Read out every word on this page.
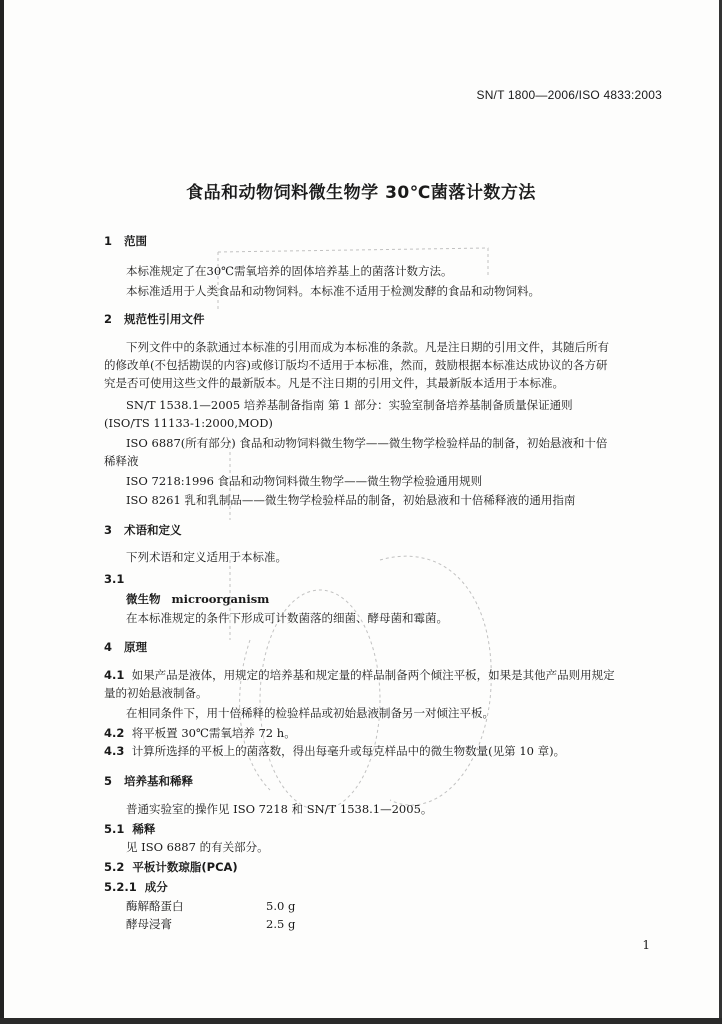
SN/T 1800—2006/ISO 4833:2003
食品和动物饲料微生物学 30℃菌落计数方法
1 范围
本标准规定了在30℃需氧培养的固体培养基上的菌落计数方法。
本标准适用于人类食品和动物饲料。本标准不适用于检测发酵的食品和动物饲料。
2 规范性引用文件
下列文件中的条款通过本标准的引用而成为本标准的条款。凡是注日期的引用文件，其随后所有
的修改单(不包括勘误的内容)或修订版均不适用于本标准，然而，鼓励根据本标准达成协议的各方研
究是否可使用这些文件的最新版本。凡是不注日期的引用文件，其最新版本适用于本标准。
SN/T 1538.1—2005 培养基制备指南 第 1 部分：实验室制备培养基制备质量保证通则
(ISO/TS 11133-1:2000,MOD)
ISO 6887(所有部分) 食品和动物饲料微生物学——微生物学检验样品的制备，初始悬液和十倍
稀释液
ISO 7218:1996 食品和动物饲料微生物学——微生物学检验通用规则
ISO 8261 乳和乳制品——微生物学检验样品的制备，初始悬液和十倍稀释液的通用指南
3 术语和定义
下列术语和定义适用于本标准。
3.1
微生物 microorganism
在本标准规定的条件下形成可计数菌落的细菌、酵母菌和霉菌。
4 原理
4.1 如果产品是液体，用规定的培养基和规定量的样品制备两个倾注平板，如果是其他产品则用规定
量的初始悬液制备。
在相同条件下，用十倍稀释的检验样品或初始悬液制备另一对倾注平板。
4.2 将平板置 30℃需氧培养 72 h。
4.3 计算所选择的平板上的菌落数，得出每毫升或每克样品中的微生物数量(见第 10 章)。
5 培养基和稀释
普通实验室的操作见 ISO 7218 和 SN/T 1538.1—2005。
5.1 稀释
见 ISO 6887 的有关部分。
5.2 平板计数琼脂(PCA)
5.2.1 成分
酶解酪蛋白	5.0 g
酵母浸膏	2.5 g
1
